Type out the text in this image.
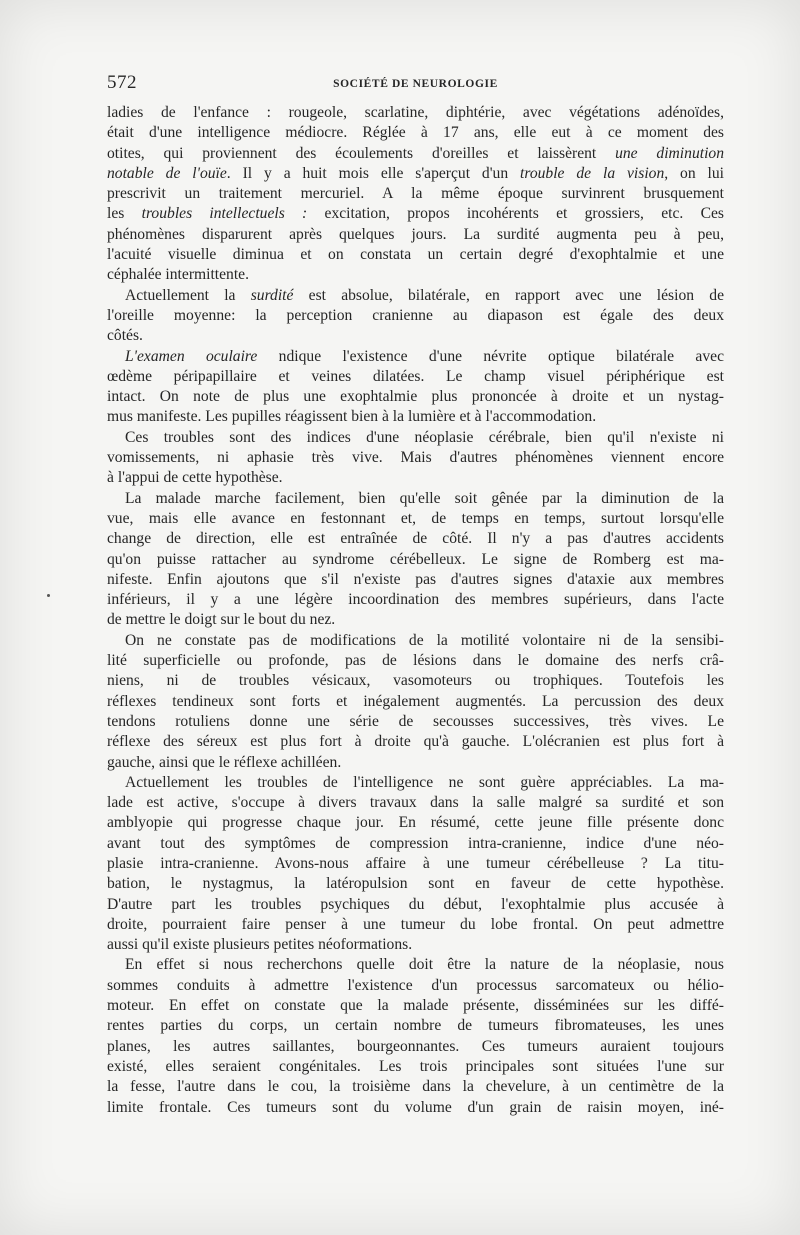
572	SOCIÉTÉ DE NEUROLOGIE
ladies de l'enfance : rougeole, scarlatine, diphtérie, avec végétations adénoïdes,
était d'une intelligence médiocre. Réglée à 17 ans, elle eut à ce moment des
otites, qui proviennent des écoulements d'oreilles et laissèrent une diminution
notable de l'ouïe. Il y a huit mois elle s'aperçut d'un trouble de la vision, on lui
prescrivit un traitement mercuriel. A la même époque survinrent brusquement
les troubles intellectuels : excitation, propos incohérents et grossiers, etc. Ces
phénomènes disparurent après quelques jours. La surdité augmenta peu à peu,
l'acuité visuelle diminua et on constata un certain degré d'exophtalmie et une
céphalée intermittente.
Actuellement la surdité est absolue, bilatérale, en rapport avec une lésion de
l'oreille moyenne: la perception cranienne au diapason est égale des deux
côtés.
L'examen oculaire ndique l'existence d'une névrite optique bilatérale avec
œdème péripapillaire et veines dilatées. Le champ visuel périphérique est
intact. On note de plus une exophtalmie plus prononcée à droite et un nystag-
mus manifeste. Les pupilles réagissent bien à la lumière et à l'accommodation.
Ces troubles sont des indices d'une néoplasie cérébrale, bien qu'il n'existe ni
vomissements, ni aphasie très vive. Mais d'autres phénomènes viennent encore
à l'appui de cette hypothèse.
La malade marche facilement, bien qu'elle soit gênée par la diminution de la
vue, mais elle avance en festonnant et, de temps en temps, surtout lorsqu'elle
change de direction, elle est entraînée de côté. Il n'y a pas d'autres accidents
qu'on puisse rattacher au syndrome cérébelleux. Le signe de Romberg est ma-
nifeste. Enfin ajoutons que s'il n'existe pas d'autres signes d'ataxie aux membres
inférieurs, il y a une légère incoordination des membres supérieurs, dans l'acte
de mettre le doigt sur le bout du nez.
On ne constate pas de modifications de la motilité volontaire ni de la sensibi-
lité superficielle ou profonde, pas de lésions dans le domaine des nerfs crâ-
niens, ni de troubles vésicaux, vasomoteurs ou trophiques. Toutefois les
réflexes tendineux sont forts et inégalement augmentés. La percussion des deux
tendons rotuliens donne une série de secousses successives, très vives. Le
réflexe des séreux est plus fort à droite qu'à gauche. L'olécranien est plus fort à
gauche, ainsi que le réflexe achilléen.
Actuellement les troubles de l'intelligence ne sont guère appréciables. La ma-
lade est active, s'occupe à divers travaux dans la salle malgré sa surdité et son
amblyopie qui progresse chaque jour. En résumé, cette jeune fille présente donc
avant tout des symptômes de compression intra-cranienne, indice d'une néo-
plasie intra-cranienne. Avons-nous affaire à une tumeur cérébelleuse ? La titu-
bation, le nystagmus, la latéropulsion sont en faveur de cette hypothèse.
D'autre part les troubles psychiques du début, l'exophtalmie plus accusée à
droite, pourraient faire penser à une tumeur du lobe frontal. On peut admettre
aussi qu'il existe plusieurs petites néoformations.
En effet si nous recherchons quelle doit être la nature de la néoplasie, nous
sommes conduits à admettre l'existence d'un processus sarcomateux ou hélio-
moteur. En effet on constate que la malade présente, disséminées sur les diffé-
rentes parties du corps, un certain nombre de tumeurs fibromateuses, les unes
planes, les autres saillantes, bourgeonnantes. Ces tumeurs auraient toujours
existé, elles seraient congénitales. Les trois principales sont situées l'une sur
la fesse, l'autre dans le cou, la troisième dans la chevelure, à un centimètre de la
limite frontale. Ces tumeurs sont du volume d'un grain de raisin moyen, iné-
